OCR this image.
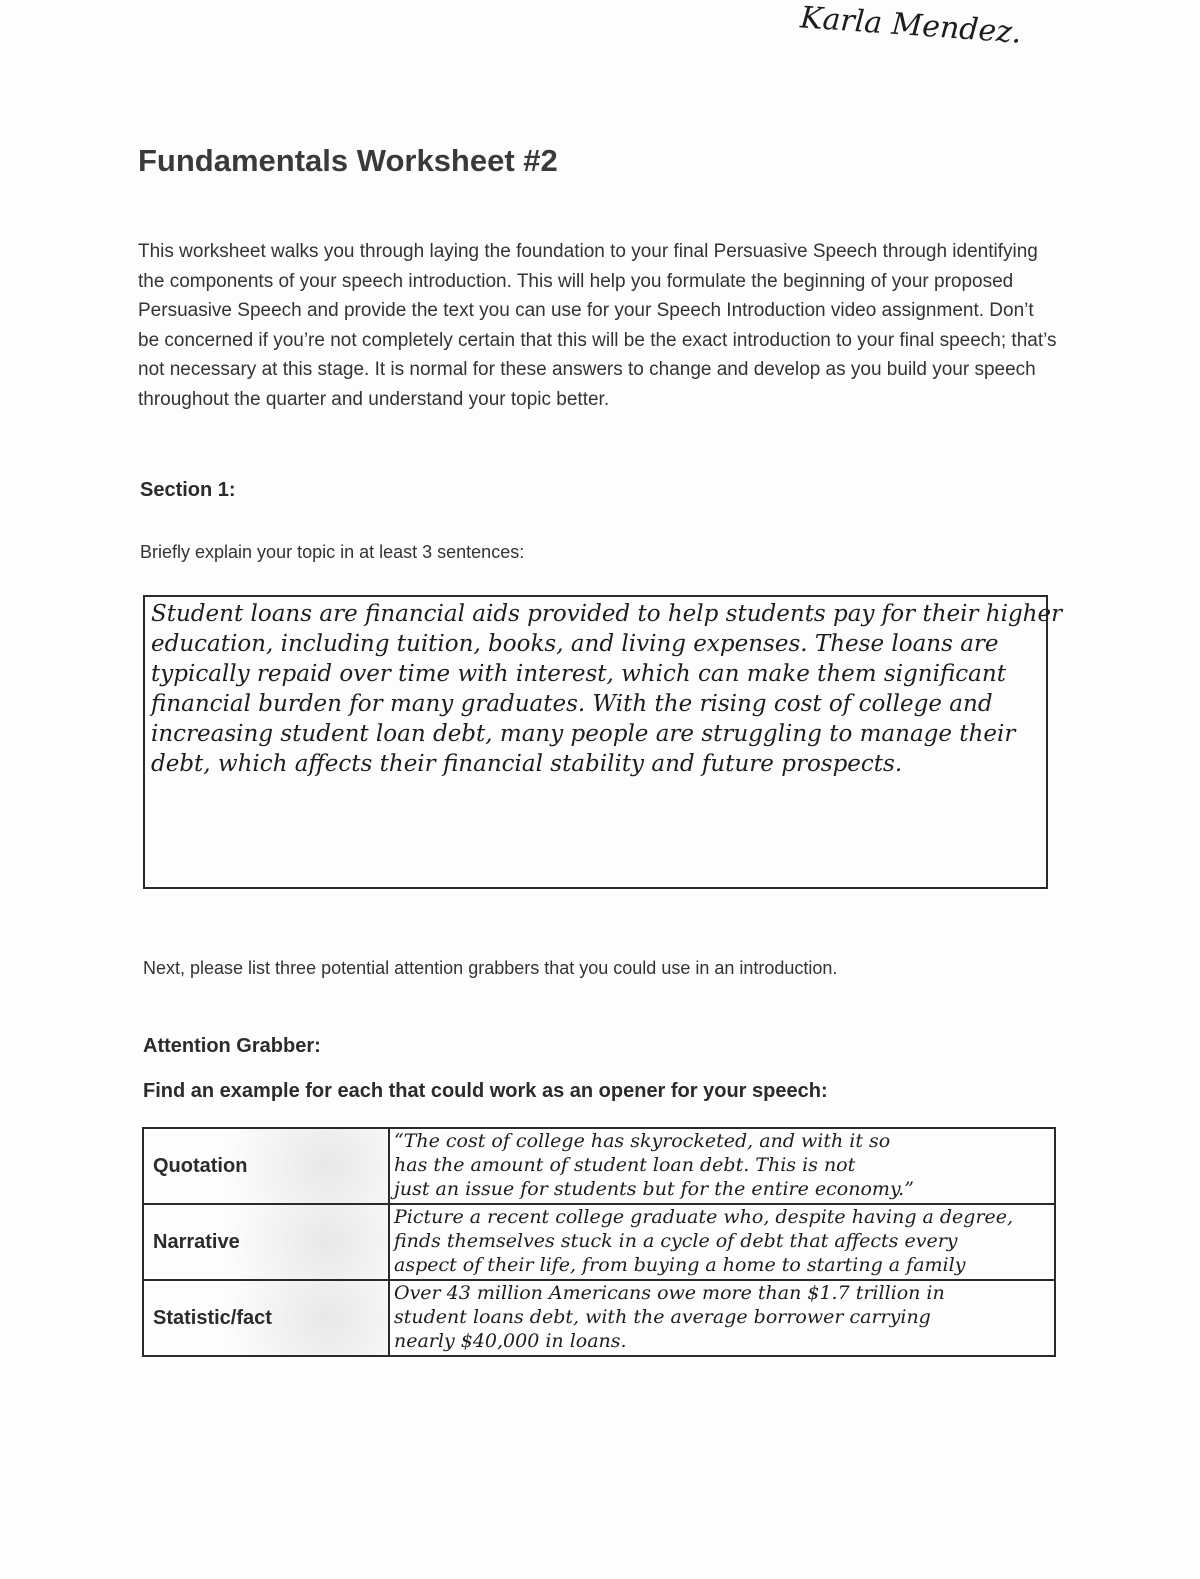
Karla Mendez.
Fundamentals Worksheet #2

This worksheet walks you through laying the foundation to your final Persuasive Speech through identifying the components of your speech introduction. This will help you formulate the beginning of your proposed Persuasive Speech and provide the text you can use for your Speech Introduction video assignment. Don’t be concerned if you’re not completely certain that this will be the exact introduction to your final speech; that’s not necessary at this stage. It is normal for these answers to change and develop as you build your speech throughout the quarter and understand your topic better.

Section 1:

Briefly explain your topic in at least 3 sentences:

Student loans are financial aids provided to help students pay for their higher education, including tuition, books, and living expenses. These loans are typically repaid over time with interest, which can make them significant financial burden for many graduates. With the rising cost of college and increasing student loan debt, many people are struggling to manage their debt, which affects their financial stability and future prospects.

Next, please list three potential attention grabbers that you could use in an introduction.

Attention Grabber:
Find an example for each that could work as an opener for your speech:
Quotation	“The cost of college has skyrocketed, and with it so
has the amount of student loan debt. This is not
just an issue for students but for the entire economy.”

Narrative	Picture a recent college graduate who, despite having a degree,
finds themselves stuck in a cycle of debt that affects every
aspect of their life, from buying a home to starting a family

Statistic/fact	Over 43 million Americans owe more than $1.7 trillion in
student loans debt, with the average borrower carrying
nearly $40,000 in loans.
